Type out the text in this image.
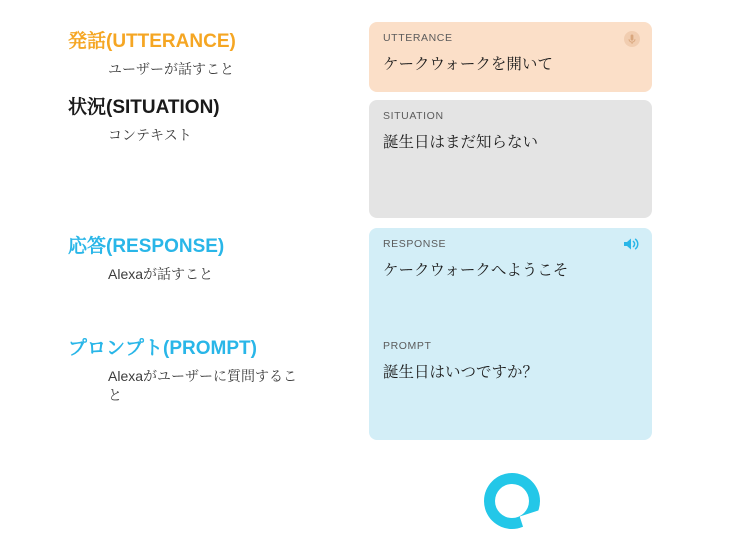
発話(UTTERANCE)

ユーザーが話すこと

状況(SITUATION)

コンテキスト

応答(RESPONSE)

Alexaが話すこと

プロンプト(PROMPT)

Alexaがユーザーに質問すること

UTTERANCE

ケークウォークを開いて

SITUATION

誕生日はまだ知らない

RESPONSE

ケークウォークへようこそ

PROMPT

誕生日はいつですか？
